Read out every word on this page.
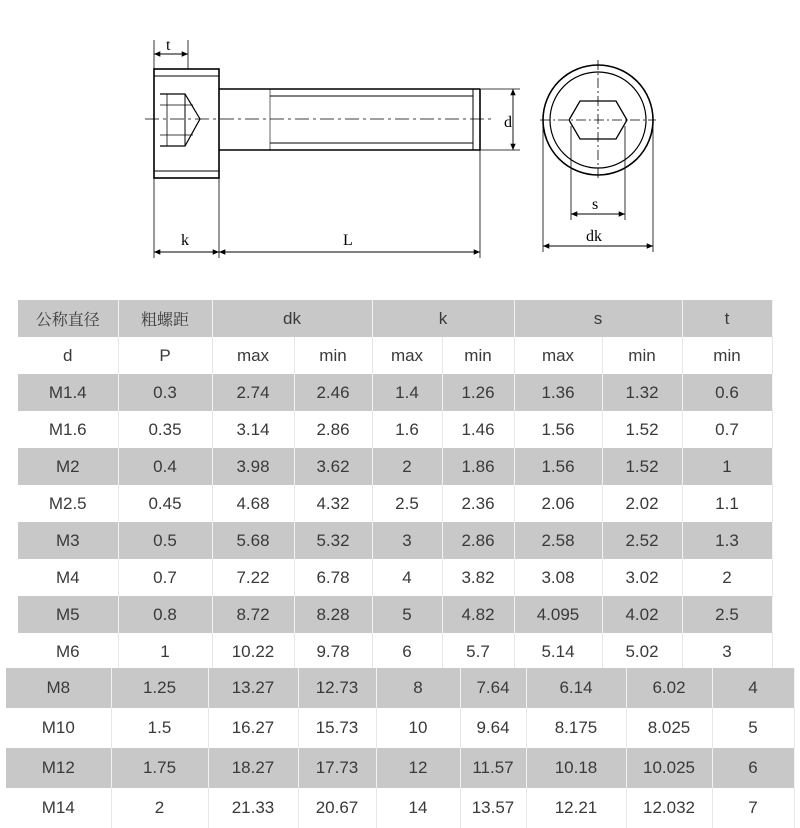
t
k	L
d
s
dk
公称直径	粗螺距	dk		k		s		t
d	P	max	min	max	min	max	min	min
M1.4	0.3	2.74	2.46	1.4	1.26	1.36	1.32	0.6
M1.6	0.35	3.14	2.86	1.6	1.46	1.56	1.52	0.7
M2	0.4	3.98	3.62	2	1.86	1.56	1.52	1
M2.5	0.45	4.68	4.32	2.5	2.36	2.06	2.02	1.1
M3	0.5	5.68	5.32	3	2.86	2.58	2.52	1.3
M4	0.7	7.22	6.78	4	3.82	3.08	3.02	2
M5	0.8	8.72	8.28	5	4.82	4.095	4.02	2.5
M6	1	10.22	9.78	6	5.7	5.14	5.02	3
M8	1.25	13.27	12.73	8	7.64	6.14	6.02	4
M10	1.5	16.27	15.73	10	9.64	8.175	8.025	5
M12	1.75	18.27	17.73	12	11.57	10.18	10.025	6
M14	2	21.33	20.67	14	13.57	12.21	12.032	7
